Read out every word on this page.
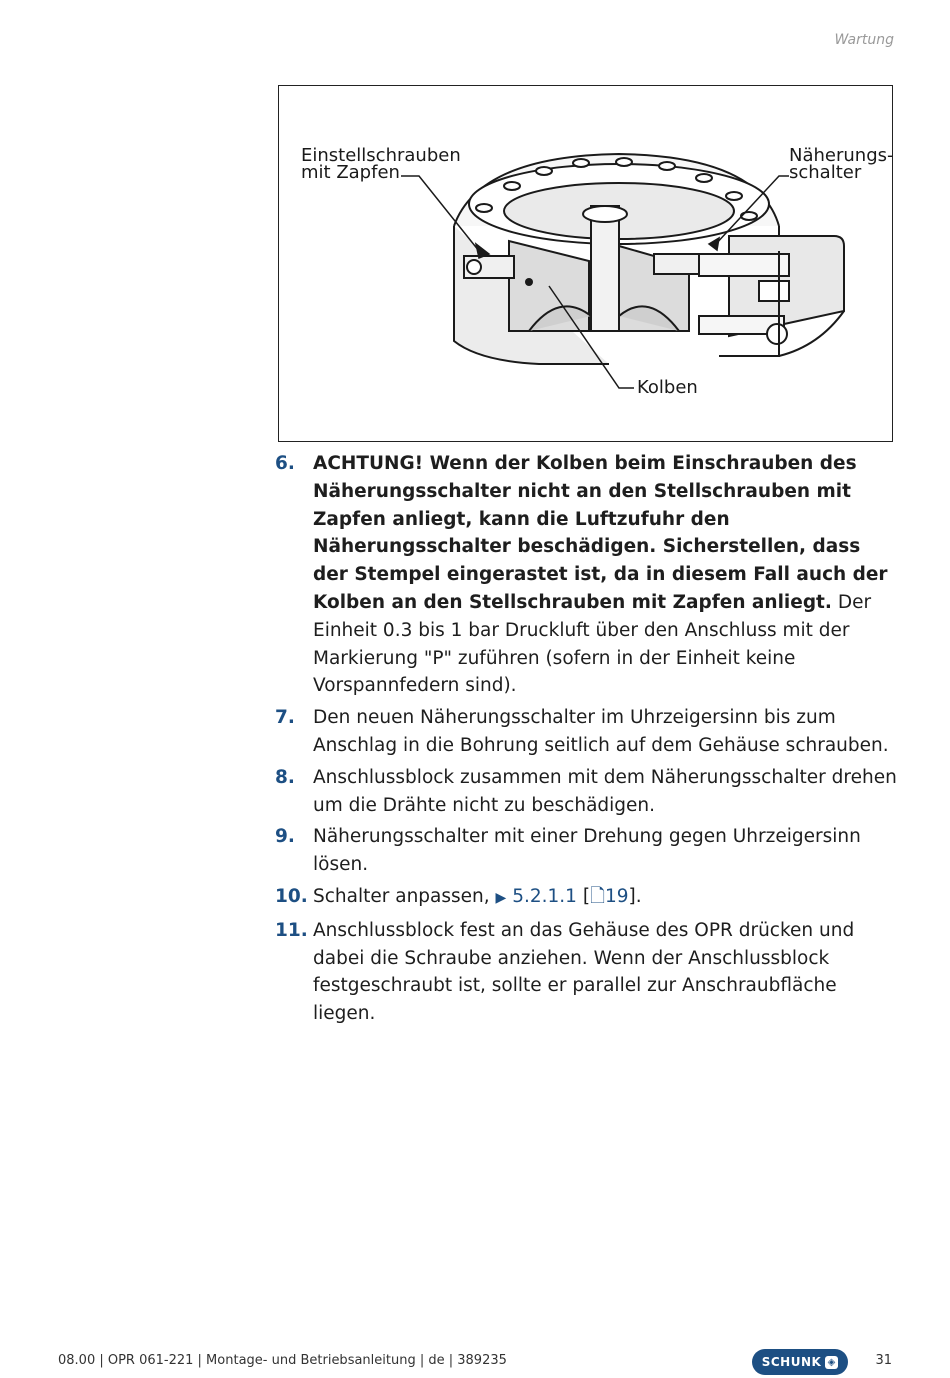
Wartung
Einstellschrauben
mit Zapfen
Näherungs-
schalter
Kolben
6. ACHTUNG! Wenn der Kolben beim Einschrauben des Näherungsschalter nicht an den Stellschrauben mit Zapfen anliegt, kann die Luftzufuhr den Näherungsschalter beschädigen. Sicherstellen, dass der Stempel eingerastet ist, da in diesem Fall auch der Kolben an den Stellschrauben mit Zapfen anliegt. Der Einheit 0.3 bis 1 bar Druckluft über den Anschluss mit der Markierung "P" zuführen (sofern in der Einheit keine Vorspannfedern sind).
7. Den neuen Näherungsschalter im Uhrzeigersinn bis zum Anschlag in die Bohrung seitlich auf dem Gehäuse schrauben.
8. Anschlussblock zusammen mit dem Näherungsschalter drehen um die Drähte nicht zu beschädigen.
9. Näherungsschalter mit einer Drehung gegen Uhrzeigersinn lösen.
10. Schalter anpassen, ▶ 5.2.1.1 [🗋19].
11. Anschlussblock fest an das Gehäuse des OPR drücken und dabei die Schraube anziehen. Wenn der Anschlussblock festgeschraubt ist, sollte er parallel zur Anschraubfläche liegen.
08.00 | OPR 061-221 | Montage- und Betriebsanleitung | de | 389235	SCHUNK ◈	31
